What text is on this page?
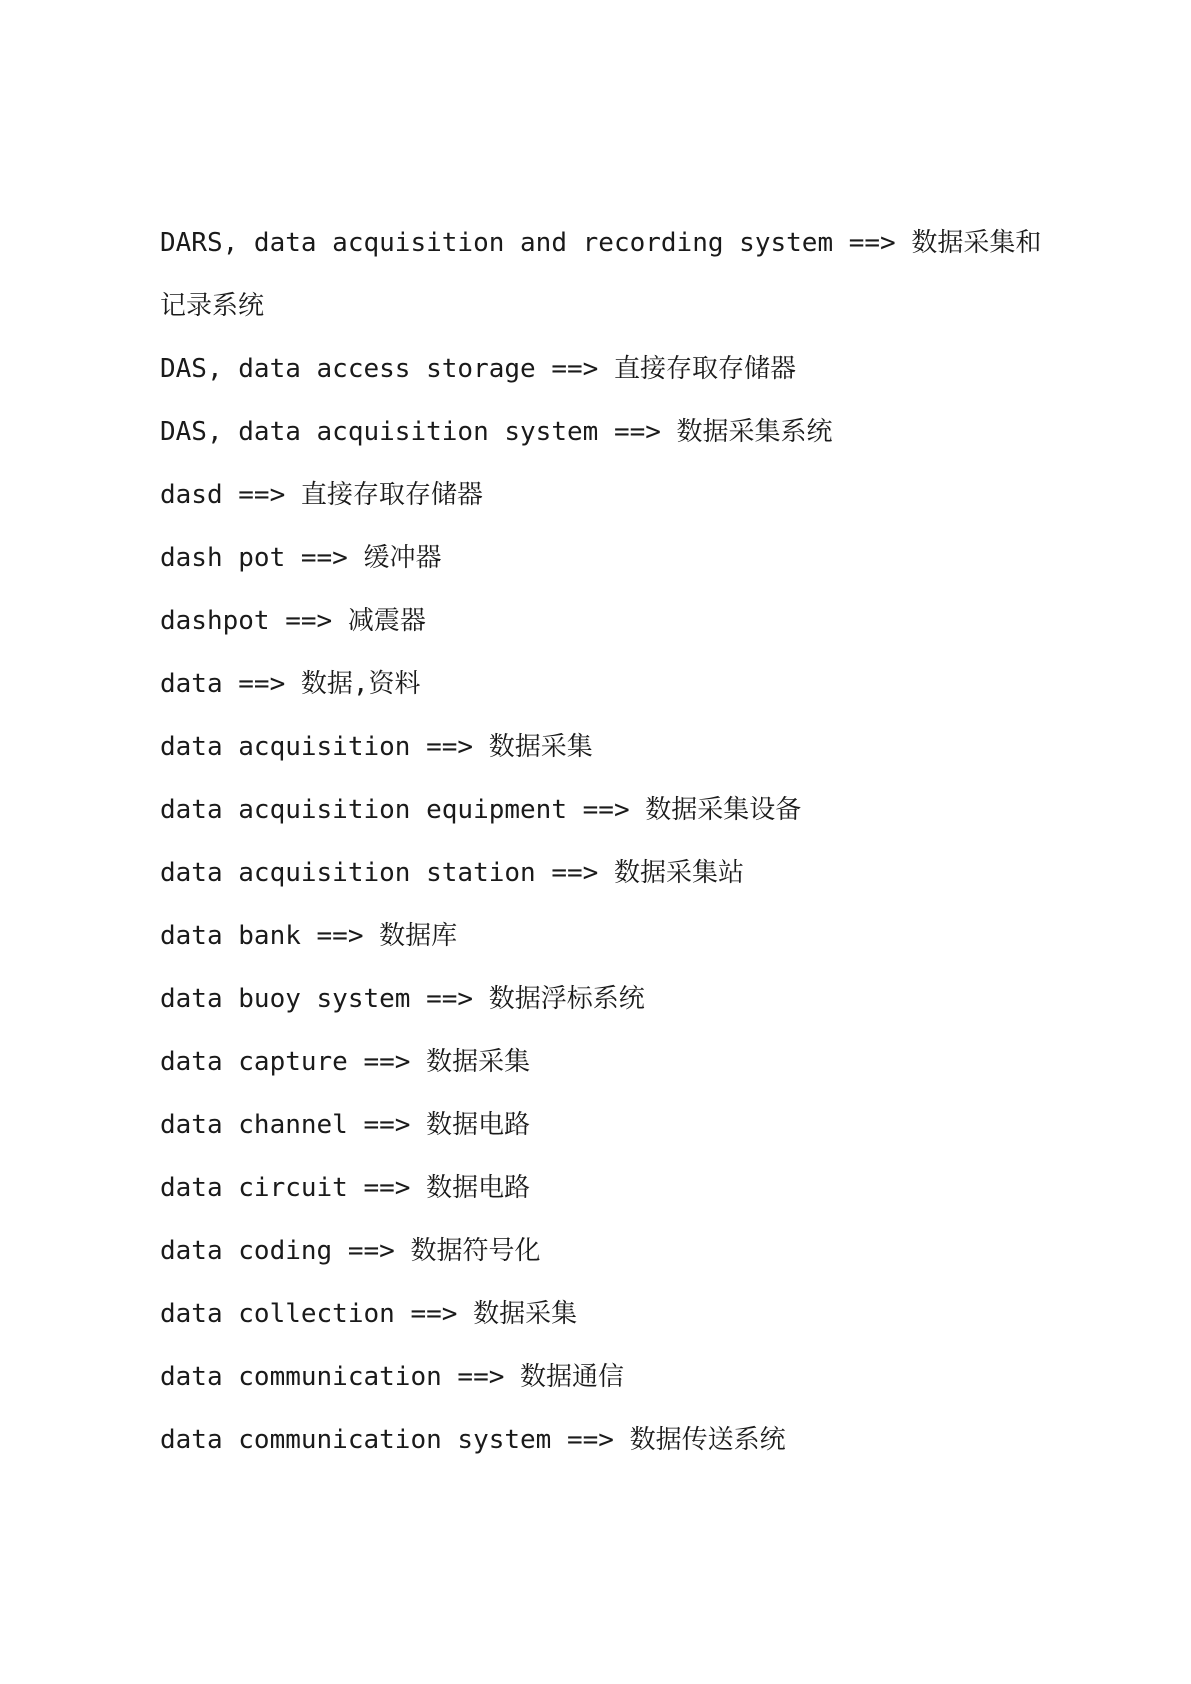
DARS, data acquisition and recording system ==> 数据采集和记录系统
DAS, data access storage ==> 直接存取存储器
DAS, data acquisition system ==> 数据采集系统
dasd ==> 直接存取存储器
dash pot ==> 缓冲器
dashpot ==> 减震器
data ==> 数据,资料
data acquisition ==> 数据采集
data acquisition equipment ==> 数据采集设备
data acquisition station ==> 数据采集站
data bank ==> 数据库
data buoy system ==> 数据浮标系统
data capture ==> 数据采集
data channel ==> 数据电路
data circuit ==> 数据电路
data coding ==> 数据符号化
data collection ==> 数据采集
data communication ==> 数据通信
data communication system ==> 数据传送系统
